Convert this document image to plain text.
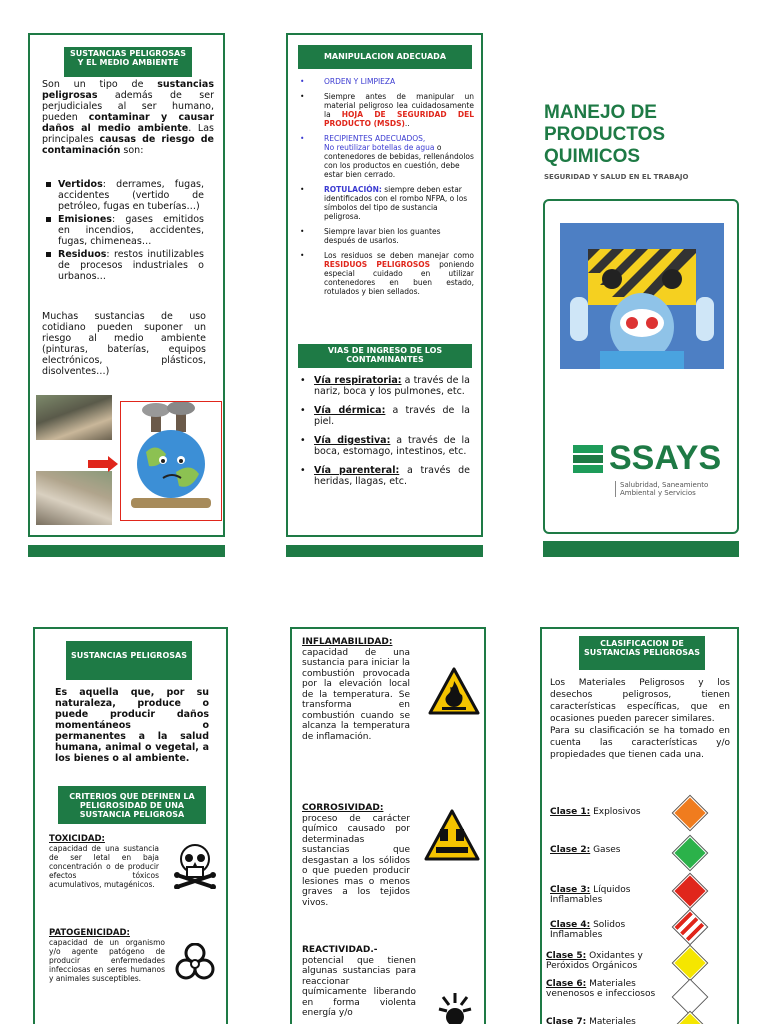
SUSTANCIAS PELIGROSAS Y EL MEDIO AMBIENTE
Son un tipo de sustancias peligrosas además de ser perjudiciales al ser humano, pueden contaminar y causar daños al medio ambiente. Las principales causas de riesgo de contaminación son:
Vertidos: derrames, fugas, accidentes (vertido de petróleo, fugas en tuberías…)
Emisiones: gases emitidos en incendios, accidentes, fugas, chimeneas…
Residuos: restos inutilizables de procesos industriales o urbanos…
Muchas sustancias de uso cotidiano pueden suponer un riesgo al medio ambiente (pinturas, baterías, equipos electrónicos, plásticos, disolventes…)
MANIPULACION ADECUADA
•	ORDEN Y LIMPIEZA
•	Siempre antes de manipular un material peligroso lea cuidadosamente la HOJA DE SEGURIDAD DEL PRODUCTO (MSDS)..
•	RECIPIENTES ADECUADOS,
No reutilizar botellas de agua o contenedores de bebidas, rellenándolos con los productos en cuestión, debe estar bien cerrado.
•	ROTULACIÓN: siempre deben estar identificados con el rombo NFPA, o los símbolos del tipo de sustancia peligrosa.
•	Siempre lavar bien los guantes después de usarlos.
•	Los residuos se deben manejar como RESIDUOS PELIGROSOS poniendo especial cuidado en utilizar contenedores en buen estado, rotulados y bien sellados.
VIAS DE INGRESO DE LOS CONTAMINANTES
• Vía respiratoria: a través de la nariz, boca y los pulmones, etc.
• Vía dérmica: a través de la piel.
• Vía digestiva: a través de la boca, estomago, intestinos, etc.
• Vía parenteral: a través de heridas, llagas, etc.
MANEJO DE PRODUCTOS QUIMICOS
SEGURIDAD Y SALUD EN EL TRABAJO
SSAYS
Salubridad, Saneamiento Ambiental y Servicios
SUSTANCIAS PELIGROSAS
Es aquella que, por su naturaleza, produce o puede producir daños momentáneos o permanentes a la salud humana, animal o vegetal, a los bienes o al ambiente.
CRITERIOS QUE DEFINEN LA PELIGROSIDAD DE UNA SUSTANCIA PELIGROSA
TOXICIDAD:
capacidad de una sustancia de ser letal en baja concentración o de producir efectos tóxicos acumulativos, mutagénicos.
PATOGENICIDAD:
capacidad de un organismo y/o agente patógeno de producir enfermedades infecciosas en seres humanos y animales susceptibles.
INFLAMABILIDAD:
capacidad de una sustancia para iniciar la combustión provocada por la elevación local de la temperatura. Se transforma en combustión cuando se alcanza la temperatura de inflamación.
CORROSIVIDAD:
proceso de carácter químico causado por determinadas sustancias que desgastan a los sólidos o que pueden producir lesiones mas o menos graves a los tejidos vivos.
REACTIVIDAD.-
potencial que tienen algunas sustancias para reaccionar químicamente liberando en forma violenta energía y/o
CLASIFICACION DE SUSTANCIAS PELIGROSAS
Los Materiales Peligrosos y los desechos peligrosos, tienen características específicas, que en ocasiones pueden parecer similares.
Para su clasificación se ha tomado en cuenta las características y/o propiedades que tienen cada una.
Clase 1: Explosivos
Clase 2: Gases
Clase 3: Líquidos Inflamables
Clase 4: Solidos Inflamables
Clase 5: Oxidantes y Peróxidos Orgánicos
Clase 6: Materiales venenosos e infecciosos
Clase 7: Materiales
